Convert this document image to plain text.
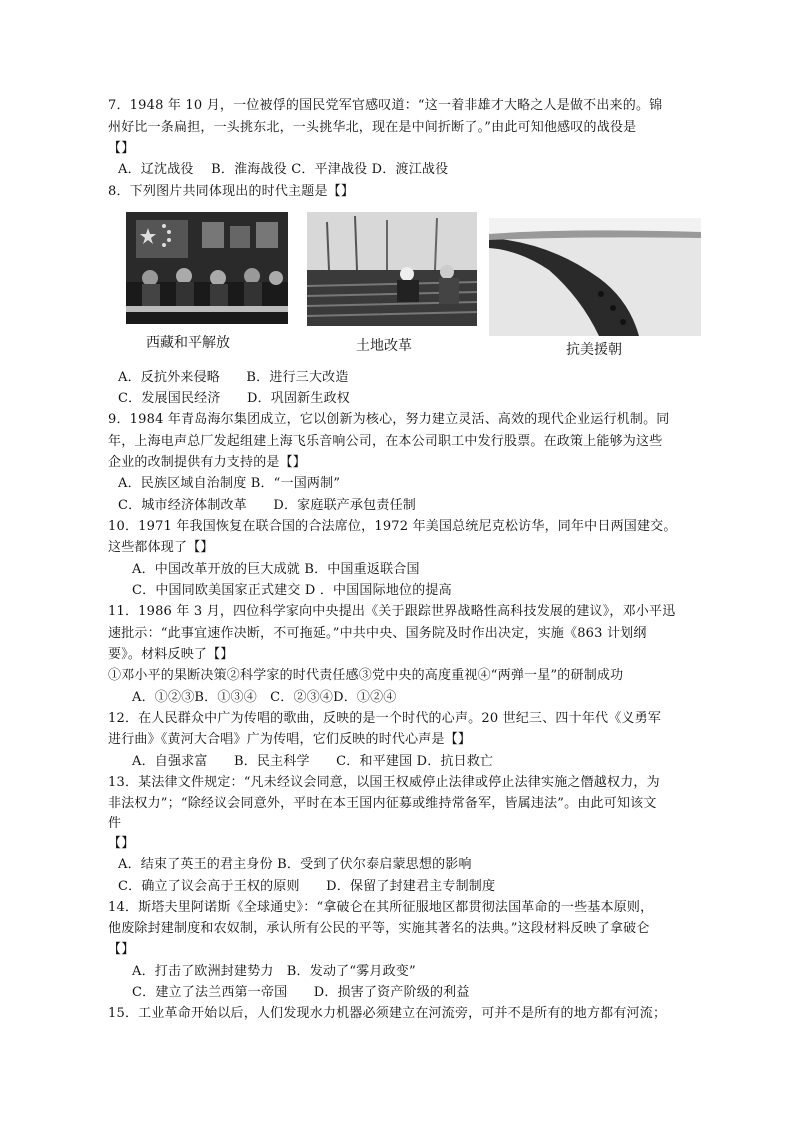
7．1948 年 10 月，一位被俘的国民党军官感叹道：“这一着非雄才大略之人是做不出来的。锦
州好比一条扁担，一头挑东北，一头挑华北，现在是中间折断了。”由此可知他感叹的战役是
【】
A．辽沈战役　 B．淮海战役 C．平津战役 D．渡江战役
8．下列图片共同体现出的时代主题是【】
西藏和平解放	土地改革	抗美援朝
A．反抗外来侵略　　B．进行三大改造
C．发展国民经济　　D．巩固新生政权
9．1984 年青岛海尔集团成立，它以创新为核心，努力建立灵活、高效的现代企业运行机制。同
年，上海电声总厂发起组建上海飞乐音响公司，在本公司职工中发行股票。在政策上能够为这些
企业的改制提供有力支持的是【】
A．民族区域自治制度 B．“一国两制”
C．城市经济体制改革　　D．家庭联产承包责任制
10．1971 年我国恢复在联合国的合法席位，1972 年美国总统尼克松访华，同年中日两国建交。
这些都体现了【】
A．中国改革开放的巨大成就 B．中国重返联合国
C．中国同欧美国家正式建交 D ．中国国际地位的提高
11．1986 年 3 月，四位科学家向中央提出《关于跟踪世界战略性高科技发展的建议》，邓小平迅
速批示：“此事宜速作决断，不可拖延。”中共中央、国务院及时作出决定，实施《863 计划纲
要》。材料反映了【】
①邓小平的果断决策②科学家的时代责任感③党中央的高度重视④“两弹一星”的研制成功
A．①②③B．①③④　C．②③④D．①②④
12．在人民群众中广为传唱的歌曲，反映的是一个时代的心声。20 世纪三、四十年代《义勇军
进行曲》《黄河大合唱》广为传唱，它们反映的时代心声是【】
A．自强求富　　B．民主科学　　C．和平建国 D．抗日救亡
13．某法律文件规定：“凡未经议会同意，以国王权威停止法律或停止法律实施之僭越权力，为
非法权力”；“除经议会同意外，平时在本王国内征募或维持常备军，皆属违法”。由此可知该文
件
【】
A．结束了英王的君主身份 B．受到了伏尔泰启蒙思想的影响
C．确立了议会高于王权的原则　　D．保留了封建君主专制制度
14．斯塔夫里阿诺斯《全球通史》：“拿破仑在其所征服地区都贯彻法国革命的一些基本原则，
他废除封建制度和农奴制，承认所有公民的平等，实施其著名的法典。”这段材料反映了拿破仑
【】
A．打击了欧洲封建势力　B．发动了“雾月政变”
C．建立了法兰西第一帝国　　D．损害了资产阶级的利益
15．工业革命开始以后，人们发现水力机器必须建立在河流旁，可并不是所有的地方都有河流；
